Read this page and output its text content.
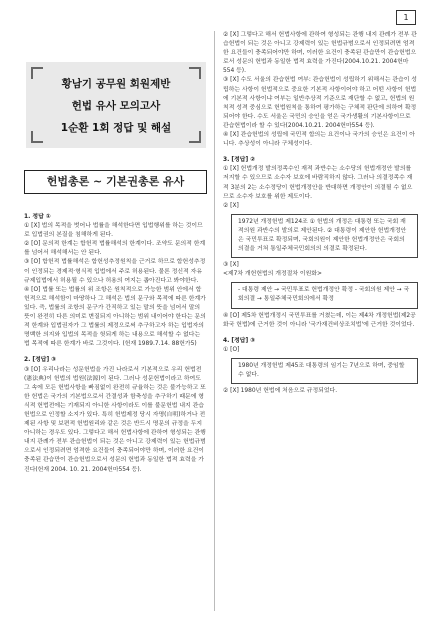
1
황남기 공무원 회원제반
헌법 유사 모의고사
1순환 1회 정답 및 해설
헌법총론 ~ 기본권총론 유사
1. 정답 ①
① [X] 법의 목적을 벗어나 법률을 해석한다면 입법행위를 하는 것이므로 입법권의 본질을 침해하게 된다.
② [O] 문의적 한계는 합헌적 법률해석의 한계이다. 조약도 문의적 한계를 넘어서 해석해서는 안 된다.
③ [O] 합헌적 법률해석은 합헌성추정원칙을 근거로 하므로 합헌성추정이 인정되는 경제적·형식적 입법에서 주로 허용된다. 물론 정신적 자유규제입법에서 허용될 수 있으나 허용의 여지는 좁아진다고 봐야한다.
④ [O] 법률 또는 법률의 위 조항은 원칙적으로 가능한 범위 안에서 합헌적으로 해석함이 마땅하나 그 해석은 법의 문구와 목적에 따른 한계가 있다. 즉, 법률의 조항의 문구가 간직하고 있는 말의 뜻을 넘어서 말의 뜻이 완전히 다른 의미로 변질되지 아니하는 범위 내이어야 한다는 문의적 한계와 입법권자가 그 법률의 제정으로써 추구하고자 하는 입법자의 명백한 의지와 입법의 목적을 헛되게 하는 내용으로 해석할 수 없다는 법 목적에 따른 한계가 바로 그것이다. (헌재 1989.7.14. 88헌가5)
2. [정답] ③
③ [O] 우리나라는 성문헌법을 가진 나라로서 기본적으로 우리 헌법전(憲法典)이 헌법의 법원(法源)이 된다. 그러나 성문헌법이라고 하여도 그 속에 모든 헌법사항을 빠짐없이 완전히 규율하는 것은 불가능하고 또한 헌법은 국가의 기본법으로서 간결성과 함축성을 추구하기 때문에 형식적 헌법전에는 기재되지 아니한 사항이라도 이를 불문헌법 내지 관습헌법으로 인정할 소지가 있다. 특히 헌법제정 당시 자명(自明)하거나 전제된 사항 및 보편적 헌법원리와 같은 것은 반드시 명문의 규정을 두지 아니하는 경우도 있다. 그렇다고 해서 헌법사항에 관하여 형성되는 관행 내지 관례가 전부 관습헌법이 되는 것은 아니고 강제력이 있는 헌법규범으로서 인정되려면 엄격한 요건들이 충족되어야만 하며, 이러한 요건이 충족된 관습만이 관습헌법으로서 성문의 헌법과 동일한 법적 효력을 가진다(헌재 2004. 10. 21. 2004헌마554 등).
② [X] 그렇다고 해서 헌법사항에 관하여 형성되는 관행 내지 관례가 전부 관습헌법이 되는 것은 아니고 강제력이 있는 헌법규범으로서 인정되려면 엄격한 요건들이 충족되어야만 하며, 이러한 요건이 충족된 관습만이 관습헌법으로서 성문의 헌법과 동일한 법적 효력을 가진다(2004.10.21. 2004헌마554 등).
③ [X] 수도 서울의 관습헌법 여부: 관습헌법이 성립하기 위해서는 관습이 성립하는 사항이 헌법적으로 중요한 기본적 사항이어야 하고 어떤 사항이 헌법에 기본적 사항이냐 여부는 일반추상적 기준으로 재단할 수 없고, 헌법의 원칙적 성격 중심으로 헌법원칙을 통하여 평가하는 구체적 판단에 의하여 확정되어야 한다. 수도 서울은 국민의 승인을 얻은 국가생활의 기본사항이므로 관습헌법이라 할 수 있다(2004.10.21. 2004헌마554 등).
④ [X] 관습헌법의 성립에 국민적 합의는 요건이나 국가의 승인은 요건이 아니다. 추상성이 아니라 구체성이다.
3. [정답] ②
① [X] 헌법개정 발의정족수인 재적 과반수는 소수당의 헌법개정안 발의를 저지할 수 있으므로 소수자 보호에 바람직하지 않다. 그러나 의결정족수 재적 3분의 2는 소수정당이 헌법개정안을 반대하면 개정안이 의결될 수 없으므로 소수자 보호를 위한 제도이다.
② [X]
1972년 개정헌법 제124조 ① 헌법의 개정은 대통령 또는 국회 재적의원 과반수의 발의로 제안된다. ② 대통령이 제안한 헌법개정안은 국민투표로 확정되며, 국회의원이 제안한 헌법개정안은 국회의 의결을 거쳐 통일주체국민회의의 의결로 확정된다.
③ [X]
<제7차 개헌헌법의 개정절차 이원화>
- 대통령 제안 → 국민투표로 헌법개정안 확정 - 국회의원 제안 → 국회의결 → 통일주체국민회의에서 확정
④ [O] 제5차 헌법개정시 국민투표를 거쳤는데, 이는 제4차 개정헌법(제2공화국 헌법)에 근거한 것이 아니라 '국가재건비상조치법'에 근거한 것이었다.
4. [정답] ③
① [O]
1980년 개정헌법 제45조 대통령의 임기는 7년으로 하며, 중임할 수 없다.
② [X] 1980년 헌법에 처음으로 규정되었다.
